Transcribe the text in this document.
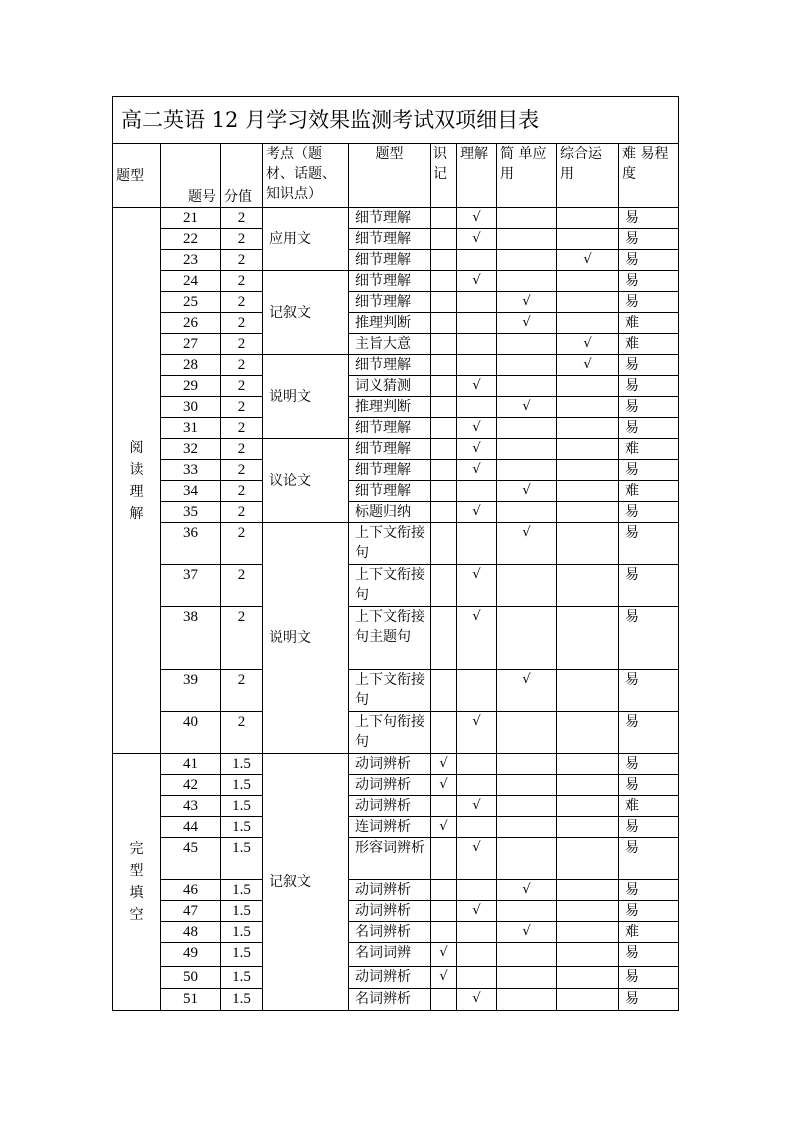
高二英语 12 月学习效果监测考试双项细目表									
题型	题号	分值	考点（题材、话题、知识点）	题型	识记	理解	简 单应用	综合运用	难 易程度

阅
读
理
解	21	2	应用文	细节理解		√			易
	22	2		细节理解		√			易
	23	2		细节理解				√	易
	24	2	记叙文	细节理解		√			易
	25	2		细节理解			√		易
	26	2		推理判断			√		难
	27	2		主旨大意				√	难
	28	2	说明文	细节理解				√	易
	29	2		词义猜测		√			易
	30	2		推理判断			√		易
	31	2		细节理解		√			易
	32	2	议论文	细节理解		√			难
	33	2		细节理解		√			易
	34	2		细节理解			√		难
	35	2		标题归纳		√			易
	36	2	说明文	上下文衔接句			√		易
	37	2		上下文衔接句		√			易
	38	2		上下文衔接句主题句		√			易
	39	2		上下文衔接句			√		易
	40	2		上下句衔接句		√			易

完
型
填
空	41	1.5	记叙文	动词辨析	√				易
	42	1.5		动词辨析	√				易
	43	1.5		动词辨析		√			难
	44	1.5		连词辨析	√				易
	45	1.5		形容词辨析		√			易
	46	1.5		动词辨析			√		易
	47	1.5		动词辨析		√			易
	48	1.5		名词辨析			√		难
	49	1.5		名词词辨	√				易
	50	1.5		动词辨析	√				易
	51	1.5		名词辨析		√			易
